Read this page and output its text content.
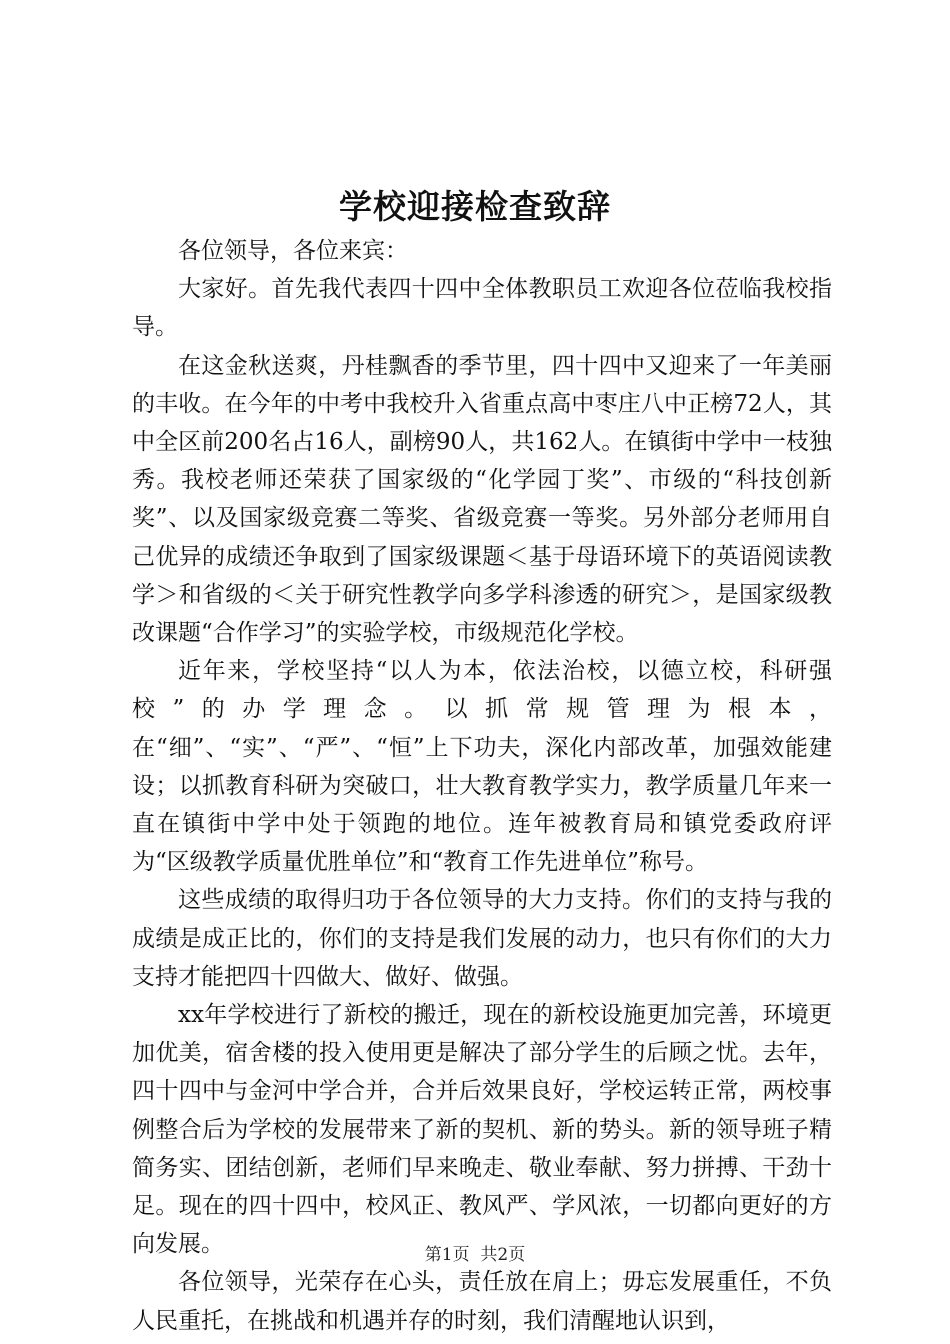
学校迎接检查致辞

各位领导，各位来宾：

大家好。首先我代表四十四中全体教职员工欢迎各位莅临我校指导。

在这金秋送爽，丹桂飘香的季节里，四十四中又迎来了一年美丽的丰收。在今年的中考中我校升入省重点高中枣庄八中正榜72人，其中全区前200名占16人，副榜90人，共162人。在镇街中学中一枝独秀。我校老师还荣获了国家级的“化学园丁奖”、市级的“科技创新奖”、以及国家级竞赛二等奖、省级竞赛一等奖。另外部分老师用自己优异的成绩还争取到了国家级课题＜基于母语环境下的英语阅读教学＞和省级的＜关于研究性教学向多学科渗透的研究＞，是国家级教改课题“合作学习”的实验学校，市级规范化学校。

近年来，学校坚持“以人为本，依法治校，以德立校，科研强校”的办学理念。以抓常规管理为根本，在“细”、“实”、“严”、“恒”上下功夫，深化内部改革，加强效能建设；以抓教育科研为突破口，壮大教育教学实力，教学质量几年来一直在镇街中学中处于领跑的地位。连年被教育局和镇党委政府评为“区级教学质量优胜单位”和“教育工作先进单位”称号。

这些成绩的取得归功于各位领导的大力支持。你们的支持与我的成绩是成正比的，你们的支持是我们发展的动力，也只有你们的大力支持才能把四十四做大、做好、做强。

xx年学校进行了新校的搬迁，现在的新校设施更加完善，环境更加优美，宿舍楼的投入使用更是解决了部分学生的后顾之忧。去年，四十四中与金河中学合并，合并后效果良好，学校运转正常，两校事例整合后为学校的发展带来了新的契机、新的势头。新的领导班子精简务实、团结创新，老师们早来晚走、敬业奉献、努力拼搏、干劲十足。现在的四十四中，校风正、教风严、学风浓，一切都向更好的方向发展。

各位领导，光荣存在心头，责任放在肩上；毋忘发展重任，不负人民重托，在挑战和机遇并存的时刻，我们清醒地认识到，

第1页  共2页
